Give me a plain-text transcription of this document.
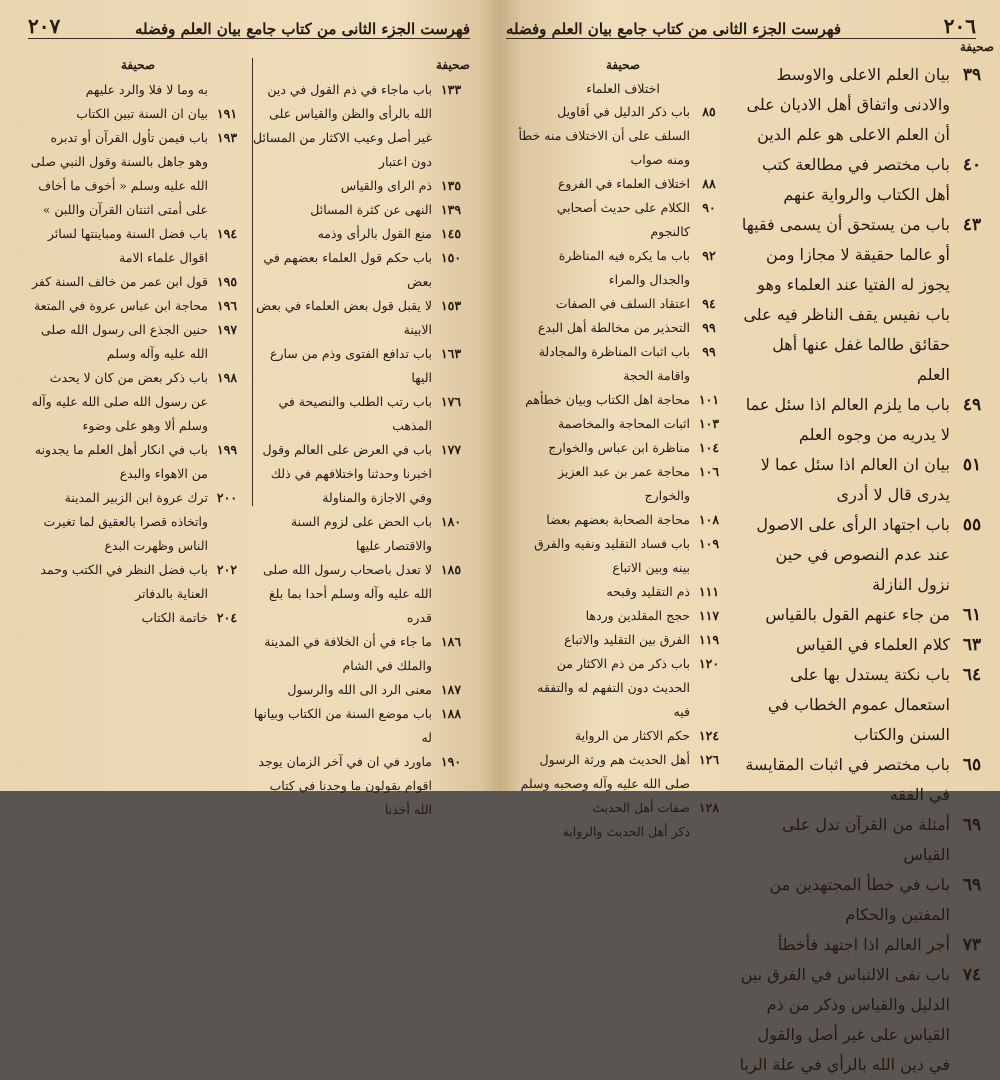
فهرست الجزء الثانى من كتاب جامع بيان العلم وفضله
٢٠٧
صحيفة
١٣٣
باب ماجاء في ذم القول في دين الله بالرأى والظن والقياس على غير أصل وعيب الاكثار من المسائل دون اعتبار
١٣٥
ذم الراى والقياس
١٣٩
النهى عن كثرة المسائل
١٤٥
منع القول بالرأى وذمه
١٥٠
باب حكم قول العلماء بعضهم في بعض
١٥٣
لا يقبل قول بعض العلماء في بعض الابينة
١٦٣
باب تدافع الفتوى وذم من سارع اليها
١٧٦
باب رتب الطلب والنصيحة في المذهب
١٧٧
باب في العرض على العالم وقول اخبرنا وحدثنا واختلافهم في ذلك وفي الاجازة والمناولة
١٨٠
باب الحض على لزوم السنة والاقتصار عليها
١٨٥
لا تعدل باصحاب رسول الله صلى الله عليه وآله وسلم أحدا بما بلغ قدره
١٨٦
ما جاء في أن الخلافة في المدينة والملك في الشام
١٨٧
معنى الرد الى الله والرسول
١٨٨
باب موضع السنة من الكتاب وبيانها له
١٩٠
ماورد في ان في آخر الزمان يوجد اقوام يقولون ما وجدنا في كتاب الله أخذنا
صحيفة
به وما لا فلا والرد عليهم
١٩١
بيان ان السنة تبين الكتاب
١٩٣
باب فيمن تأول القرآن أو تدبره وهو جاهل بالسنة وقول النبي صلى الله عليه وسلم « أخوف ما أخاف على أمتى اثنتان القرآن واللبن »
١٩٤
باب فضل السنة ومباينتها لسائر اقوال علماء الامة
١٩٥
قول ابن عمر من خالف السنة كفر
١٩٦
محاجة ابن عباس عروة في المتعة
١٩٧
حنين الجذع الى رسول الله صلى الله عليه وآله وسلم
١٩٨
باب ذكر بعض من كان لا يحدث عن رسول الله صلى الله عليه وآله وسلم ألا وهو على وضوء
١٩٩
باب في انكار أهل العلم ما يجدونه من الاهواء والبدع
٢٠٠
ترك عروة ابن الزبير المدينة واتخاذه قصرا بالعقيق لما تغيرت الناس وظهرت البدع
٢٠٢
باب فضل النظر في الكتب وحمد العناية بالدفاتر
٢٠٤
خاتمة الكتاب
٢٠٦
فهرست الجزء الثانى من كتاب جامع بيان العلم وفضله
صحيفة
٣٩
بيان العلم الاعلى والاوسط والادنى واتفاق أهل الاديان على أن العلم الاعلى هو علم الدين
٤٠
باب مختصر في مطالعة كتب أهل الكتاب والرواية عنهم
٤٣
باب من يستحق أن يسمى فقيها أو عالما حقيقة لا مجازا ومن يجوز له الفتيا عند العلماء وهو باب نفيس يقف الناظر فيه على حقائق طالما غفل عنها أهل العلم
٤٩
باب ما يلزم العالم اذا سئل عما لا يدريه من وجوه العلم
٥١
بيان ان العالم اذا سئل عما لا يدرى قال لا أدرى
٥٥
باب اجتهاد الرأى على الاصول عند عدم النصوص في حين نزول النازلة
٦١
من جاء عنهم القول بالقياس
٦٣
كلام العلماء في القياس
٦٤
باب نكتة يستدل بها على استعمال عموم الخطاب في السنن والكتاب
٦٥
باب مختصر في اثبات المقايسة في الفقه
٦٩
أمثلة من القرآن تدل على القياس
٦٩
باب في خطأ المجتهدين من المفتين والحكام
٧٣
أجر العالم اذا اجتهد فأخطأ
٧٤
باب نفى الالتباس في الفرق بين الدليل والقياس وذكر من ذم القياس على غير أصل والقول في دين الله بالرأي في علة الربا
صحيفة
اختلاف العلماء
٨٥
باب ذكر الدليل في أقاويل السلف على أن الاختلاف منه خطأ ومنه صواب
٨٨
اختلاف العلماء في الفروع
٩٠
الكلام على حديث أصحابي كالنجوم
٩٢
باب ما يكره فيه المناظرة والجدال والمراء
٩٤
اعتقاد السلف في الصفات
٩٩
التحذير من مخالطة أهل البدع
٩٩
باب اثبات المناظرة والمجادلة واقامة الحجة
١٠١
محاجة اهل الكتاب وبيان خطأهم
١٠٣
اثبات المحاجة والمخاصمة
١٠٤
مناظرة ابن عباس والخوارج
١٠٦
محاجة عمر بن عبد العزيز والخوارج
١٠٨
محاجة الصحابة بعضهم بعضا
١٠٩
باب فساد التقليد ونفيه والفرق بينه وبين الاتباع
١١١
ذم التقليد وقبحه
١١٧
حجج المقلدين وردها
١١٩
الفرق بين التقليد والاتباع
١٢٠
باب ذكر من ذم الاكثار من الحديث دون التفهم له والتفقه فيه
١٢٤
حكم الاكثار من الرواية
١٢٦
أهل الحديث هم ورثة الرسول صلى الله عليه وآله وصحبه وسلم
١٢٨
صفات أهل الحديث
ذكر أهل الحديث والرواية
